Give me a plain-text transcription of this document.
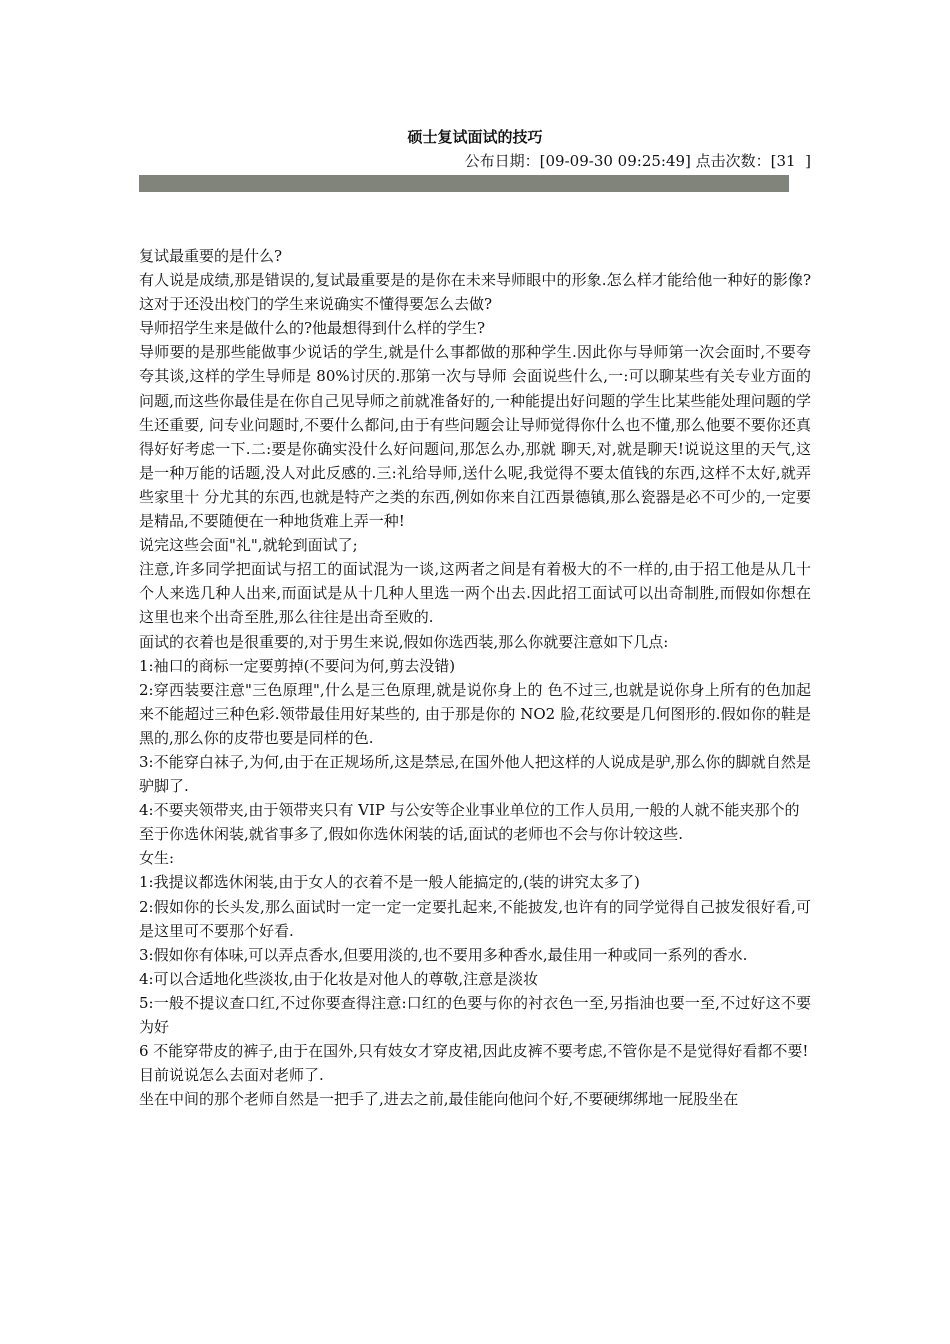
硕士复试面试的技巧
公布日期：[09-09-30 09:25:49] 点击次数：[31  ]

复试最重要的是什么?

有人说是成绩,那是错误的,复试最重要是的是你在未来导师眼中的形象.怎么样才能给他一种好的影像?这对于还没出校门的学生来说确实不懂得要怎么去做?

导师招学生来是做什么的?他最想得到什么样的学生?

导师要的是那些能做事少说话的学生,就是什么事都做的那种学生.因此你与导师第一次会面时,不要夸夸其谈,这样的学生导师是 80%讨厌的.那第一次与导师 会面说些什么,一:可以聊某些有关专业方面的问题,而这些你最佳是在你自己见导师之前就准备好的,一种能提出好问题的学生比某些能处理问题的学生还重要, 问专业问题时,不要什么都问,由于有些问题会让导师觉得你什么也不懂,那么他要不要你还真得好好考虑一下.二:要是你确实没什么好问题问,那怎么办,那就 聊天,对,就是聊天!说说这里的天气,这是一种万能的话题,没人对此反感的.三:礼给导师,送什么呢,我觉得不要太值钱的东西,这样不太好,就弄些家里十 分尤其的东西,也就是特产之类的东西,例如你来自江西景德镇,那么瓷器是必不可少的,一定要是精品,不要随便在一种地货难上弄一种!

说完这些会面"礼",就轮到面试了;

注意,许多同学把面试与招工的面试混为一谈,这两者之间是有着极大的不一样的,由于招工他是从几十个人来选几种人出来,而面试是从十几种人里选一两个出去.因此招工面试可以出奇制胜,而假如你想在这里也来个出奇至胜,那么往往是出奇至败的.

面试的衣着也是很重要的,对于男生来说,假如你选西装,那么你就要注意如下几点:

1:袖口的商标一定要剪掉(不要问为何,剪去没错)

2:穿西装要注意"三色原理",什么是三色原理,就是说你身上的 色不过三,也就是说你身上所有的色加起来不能超过三种色彩.领带最佳用好某些的, 由于那是你的 NO2 脸,花纹要是几何图形的.假如你的鞋是黑的,那么你的皮带也要是同样的色.

3:不能穿白袜子,为何,由于在正规场所,这是禁忌,在国外他人把这样的人说成是驴,那么你的脚就自然是驴脚了.

4:不要夹领带夹,由于领带夹只有 VIP 与公安等企业事业单位的工作人员用,一般的人就不能夹那个的

至于你选休闲装,就省事多了,假如你选休闲装的话,面试的老师也不会与你计较这些.

女生:

1:我提议都选休闲装,由于女人的衣着不是一般人能搞定的,(装的讲究太多了)

2:假如你的长头发,那么面试时一定一定一定要扎起来,不能披发,也许有的同学觉得自己披发很好看,可是这里可不要那个好看.

3:假如你有体味,可以弄点香水,但要用淡的,也不要用多种香水,最佳用一种或同一系列的香水.

4:可以合适地化些淡妆,由于化妆是对他人的尊敬,注意是淡妆

5:一般不提议查口红,不过你要查得注意:口红的色要与你的衬衣色一至,另指油也要一至,不过好这不要为好

6 不能穿带皮的裤子,由于在国外,只有妓女才穿皮裙,因此皮裤不要考虑,不管你是不是觉得好看都不要!

目前说说怎么去面对老师了.

坐在中间的那个老师自然是一把手了,进去之前,最佳能向他问个好,不要硬绑绑地一屁股坐在
